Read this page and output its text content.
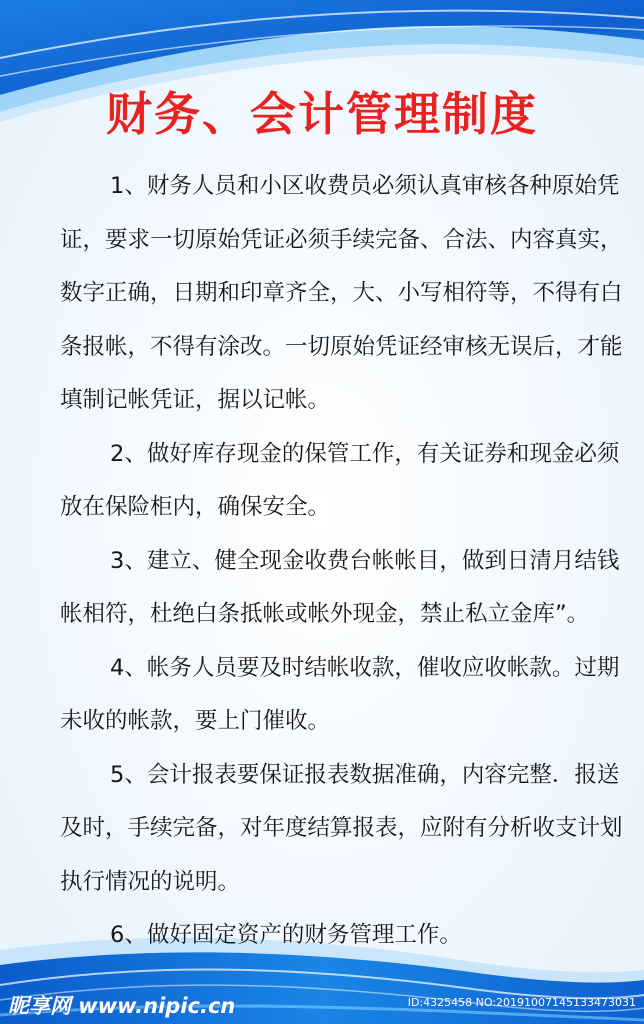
财务、会计管理制度

1、财务人员和小区收费员必须认真审核各种原始凭证，要求一切原始凭证必须手续完备、合法、内容真实，数字正确，日期和印章齐全，大、小写相符等，不得有白条报帐，不得有涂改。一切原始凭证经审核无误后，才能填制记帐凭证，据以记帐。

2、做好库存现金的保管工作，有关证券和现金必须放在保险柜内，确保安全。

3、建立、健全现金收费台帐帐目，做到日清月结钱帐相符，杜绝白条抵帐或帐外现金，禁止私立金库”。

4、帐务人员要及时结帐收款，催收应收帐款。过期未收的帐款，要上门催收。

5、会计报表要保证报表数据准确，内容完整．报送及时，手续完备，对年度结算报表，应附有分析收支计划执行情况的说明。

6、做好固定资产的财务管理工作。

昵享网 www.nipic.cn	ID:4325458 NO:20191007145133473031
